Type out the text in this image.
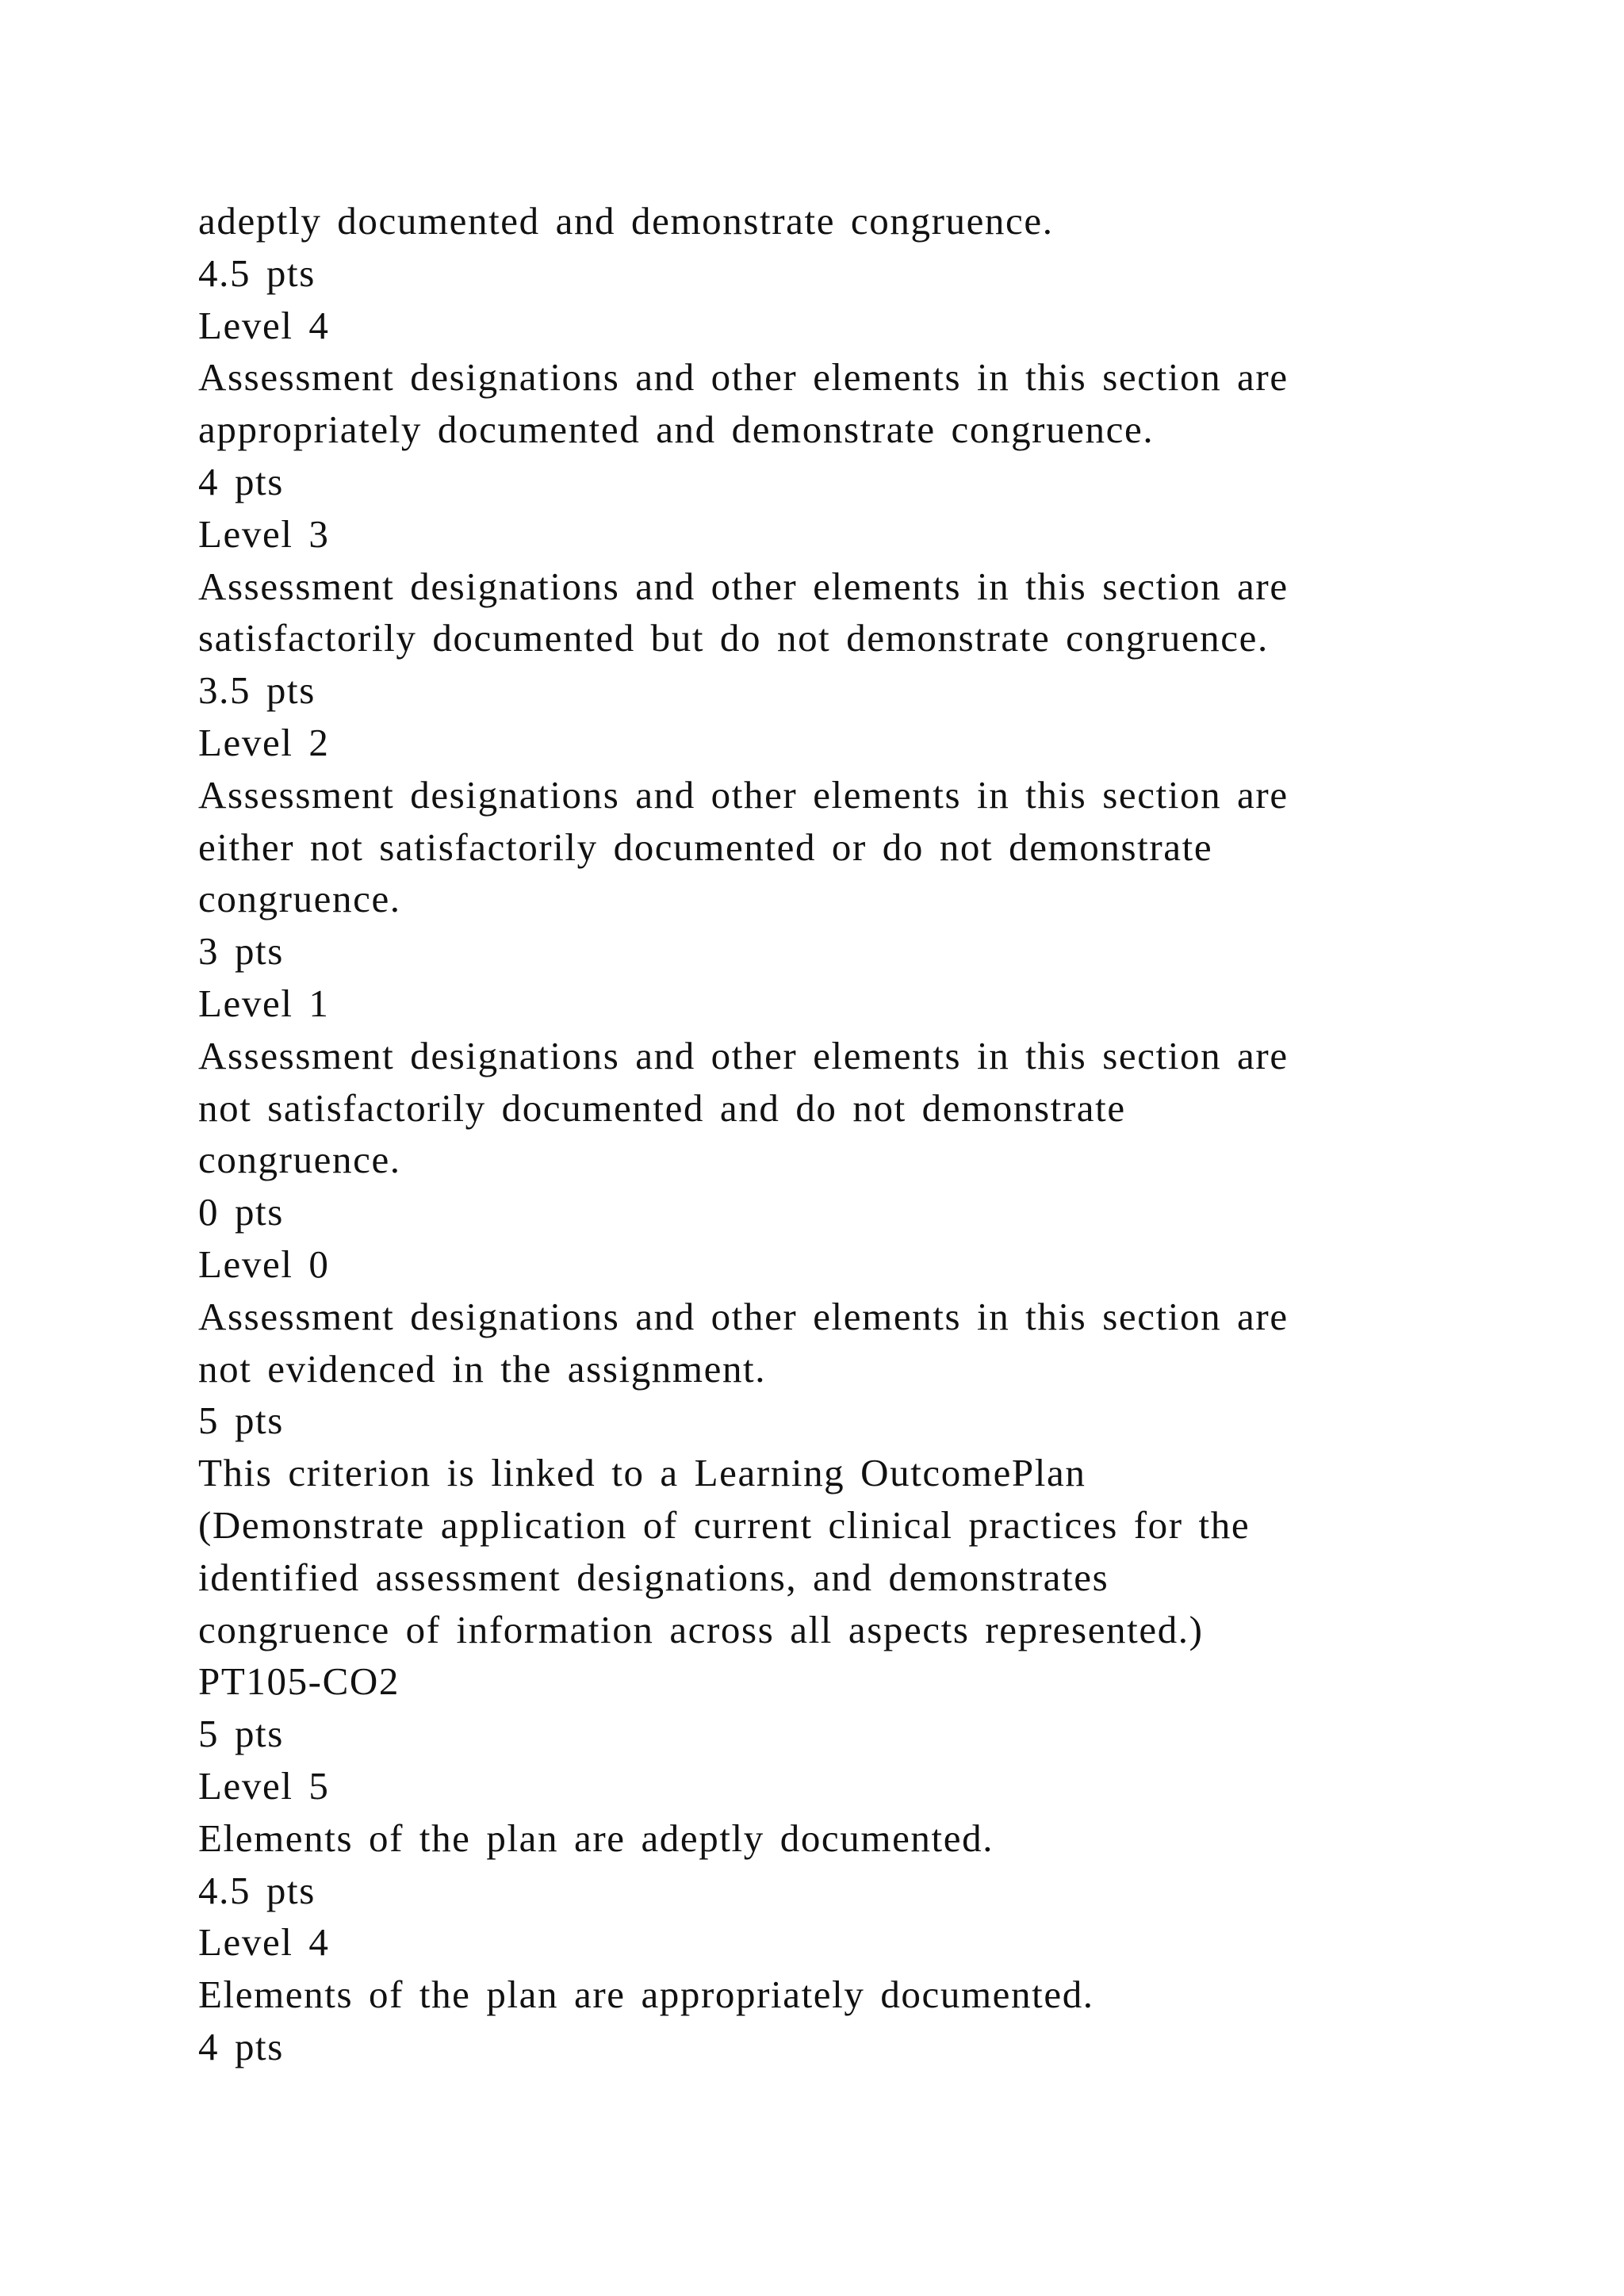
adeptly documented and demonstrate congruence.
4.5 pts
Level 4
Assessment designations and other elements in this section are
appropriately documented and demonstrate congruence.
4 pts
Level 3
Assessment designations and other elements in this section are
satisfactorily documented but do not demonstrate congruence.
3.5 pts
Level 2
Assessment designations and other elements in this section are
either not satisfactorily documented or do not demonstrate
congruence.
3 pts
Level 1
Assessment designations and other elements in this section are
not satisfactorily documented and do not demonstrate
congruence.
0 pts
Level 0
Assessment designations and other elements in this section are
not evidenced in the assignment.
5 pts
This criterion is linked to a Learning OutcomePlan
(Demonstrate application of current clinical practices for the
identified assessment designations, and demonstrates
congruence of information across all aspects represented.)
PT105-CO2
5 pts
Level 5
Elements of the plan are adeptly documented.
4.5 pts
Level 4
Elements of the plan are appropriately documented.
4 pts
